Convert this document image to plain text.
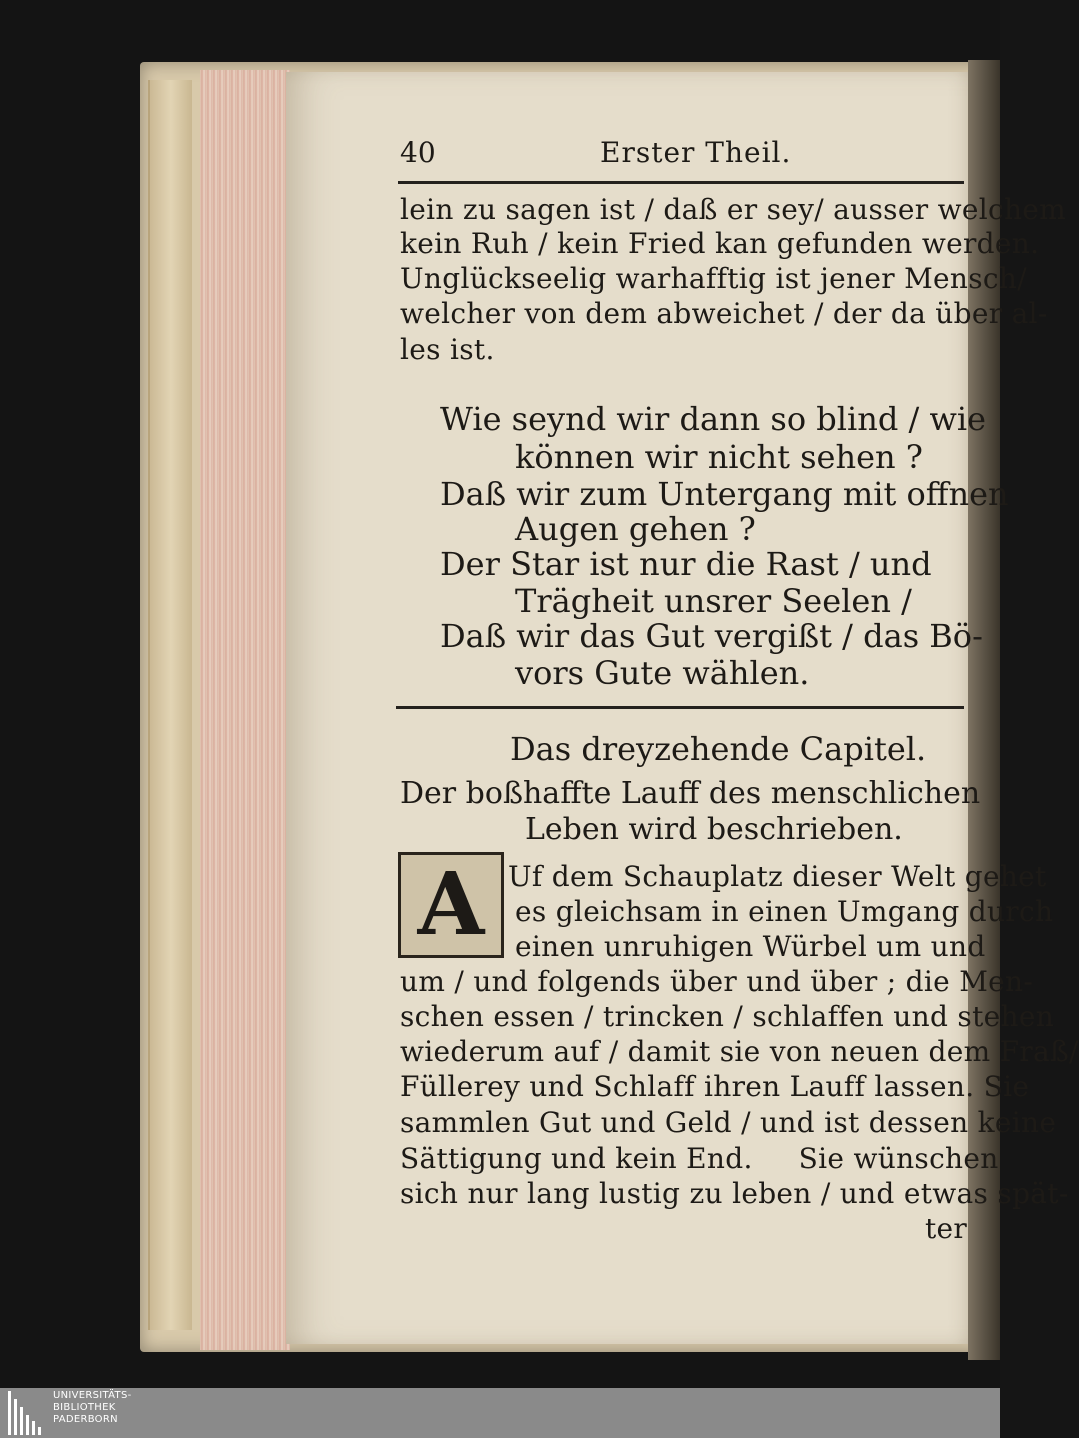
40	Erster Theil.
lein zu sagen ist / daß er sey/ ausser welchem
kein Ruh / kein Fried kan gefunden werden.
Unglückseelig warhafftig ist jener Mensch/
welcher von dem abweichet / der da über al-
les ist.
Wie seynd wir dann so blind / wie
können wir nicht sehen ?
Daß wir zum Untergang mit offnen
Augen gehen ?
Der Star ist nur die Rast / und
Trägheit unsrer Seelen /
Daß wir das Gut vergißt / das Bö-
vors Gute wählen.
Das dreyzehende Capitel.
Der boßhaffte Lauff des menschlichen
Leben wird beschrieben.
A Uf dem Schauplatz dieser Welt gehet
es gleichsam in einen Umgang durch
einen unruhigen Würbel um und
um / und folgends über und über ; die Men-
schen essen / trincken / schlaffen und stehen
wiederum auf / damit sie von neuen dem Fraß/
Füllerey und Schlaff ihren Lauff lassen. Sie
sammlen Gut und Geld / und ist dessen keine
Sättigung und kein End.     Sie wünschen
sich nur lang lustig zu leben / und etwas spät-
ter
UNIVERSITÄTS-
BIBLIOTHEK
PADERBORN
